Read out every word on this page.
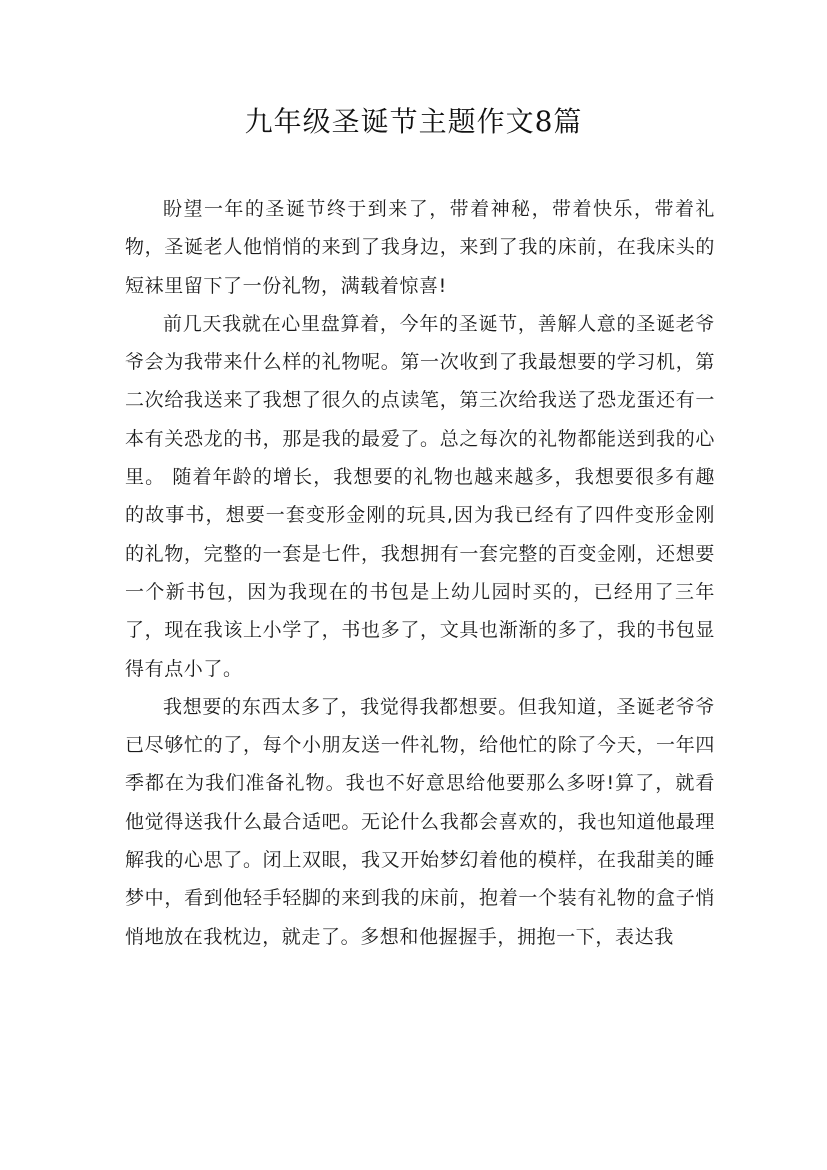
九年级圣诞节主题作文8篇

盼望一年的圣诞节终于到来了，带着神秘，带着快乐，带着礼物，圣诞老人他悄悄的来到了我身边，来到了我的床前，在我床头的短袜里留下了一份礼物，满载着惊喜!

前几天我就在心里盘算着，今年的圣诞节，善解人意的圣诞老爷爷会为我带来什么样的礼物呢。第一次收到了我最想要的学习机，第二次给我送来了我想了很久的点读笔，第三次给我送了恐龙蛋还有一本有关恐龙的书，那是我的最爱了。总之每次的礼物都能送到我的心里。 随着年龄的增长，我想要的礼物也越来越多，我想要很多有趣的故事书，想要一套变形金刚的玩具,因为我已经有了四件变形金刚的礼物，完整的一套是七件，我想拥有一套完整的百变金刚，还想要一个新书包，因为我现在的书包是上幼儿园时买的，已经用了三年了，现在我该上小学了，书也多了，文具也渐渐的多了，我的书包显得有点小了。

我想要的东西太多了，我觉得我都想要。但我知道，圣诞老爷爷已尽够忙的了，每个小朋友送一件礼物，给他忙的除了今天，一年四季都在为我们准备礼物。我也不好意思给他要那么多呀!算了，就看他觉得送我什么最合适吧。无论什么我都会喜欢的，我也知道他最理解我的心思了。闭上双眼，我又开始梦幻着他的模样，在我甜美的睡梦中，看到他轻手轻脚的来到我的床前，抱着一个装有礼物的盒子悄悄地放在我枕边，就走了。多想和他握握手，拥抱一下，表达我
